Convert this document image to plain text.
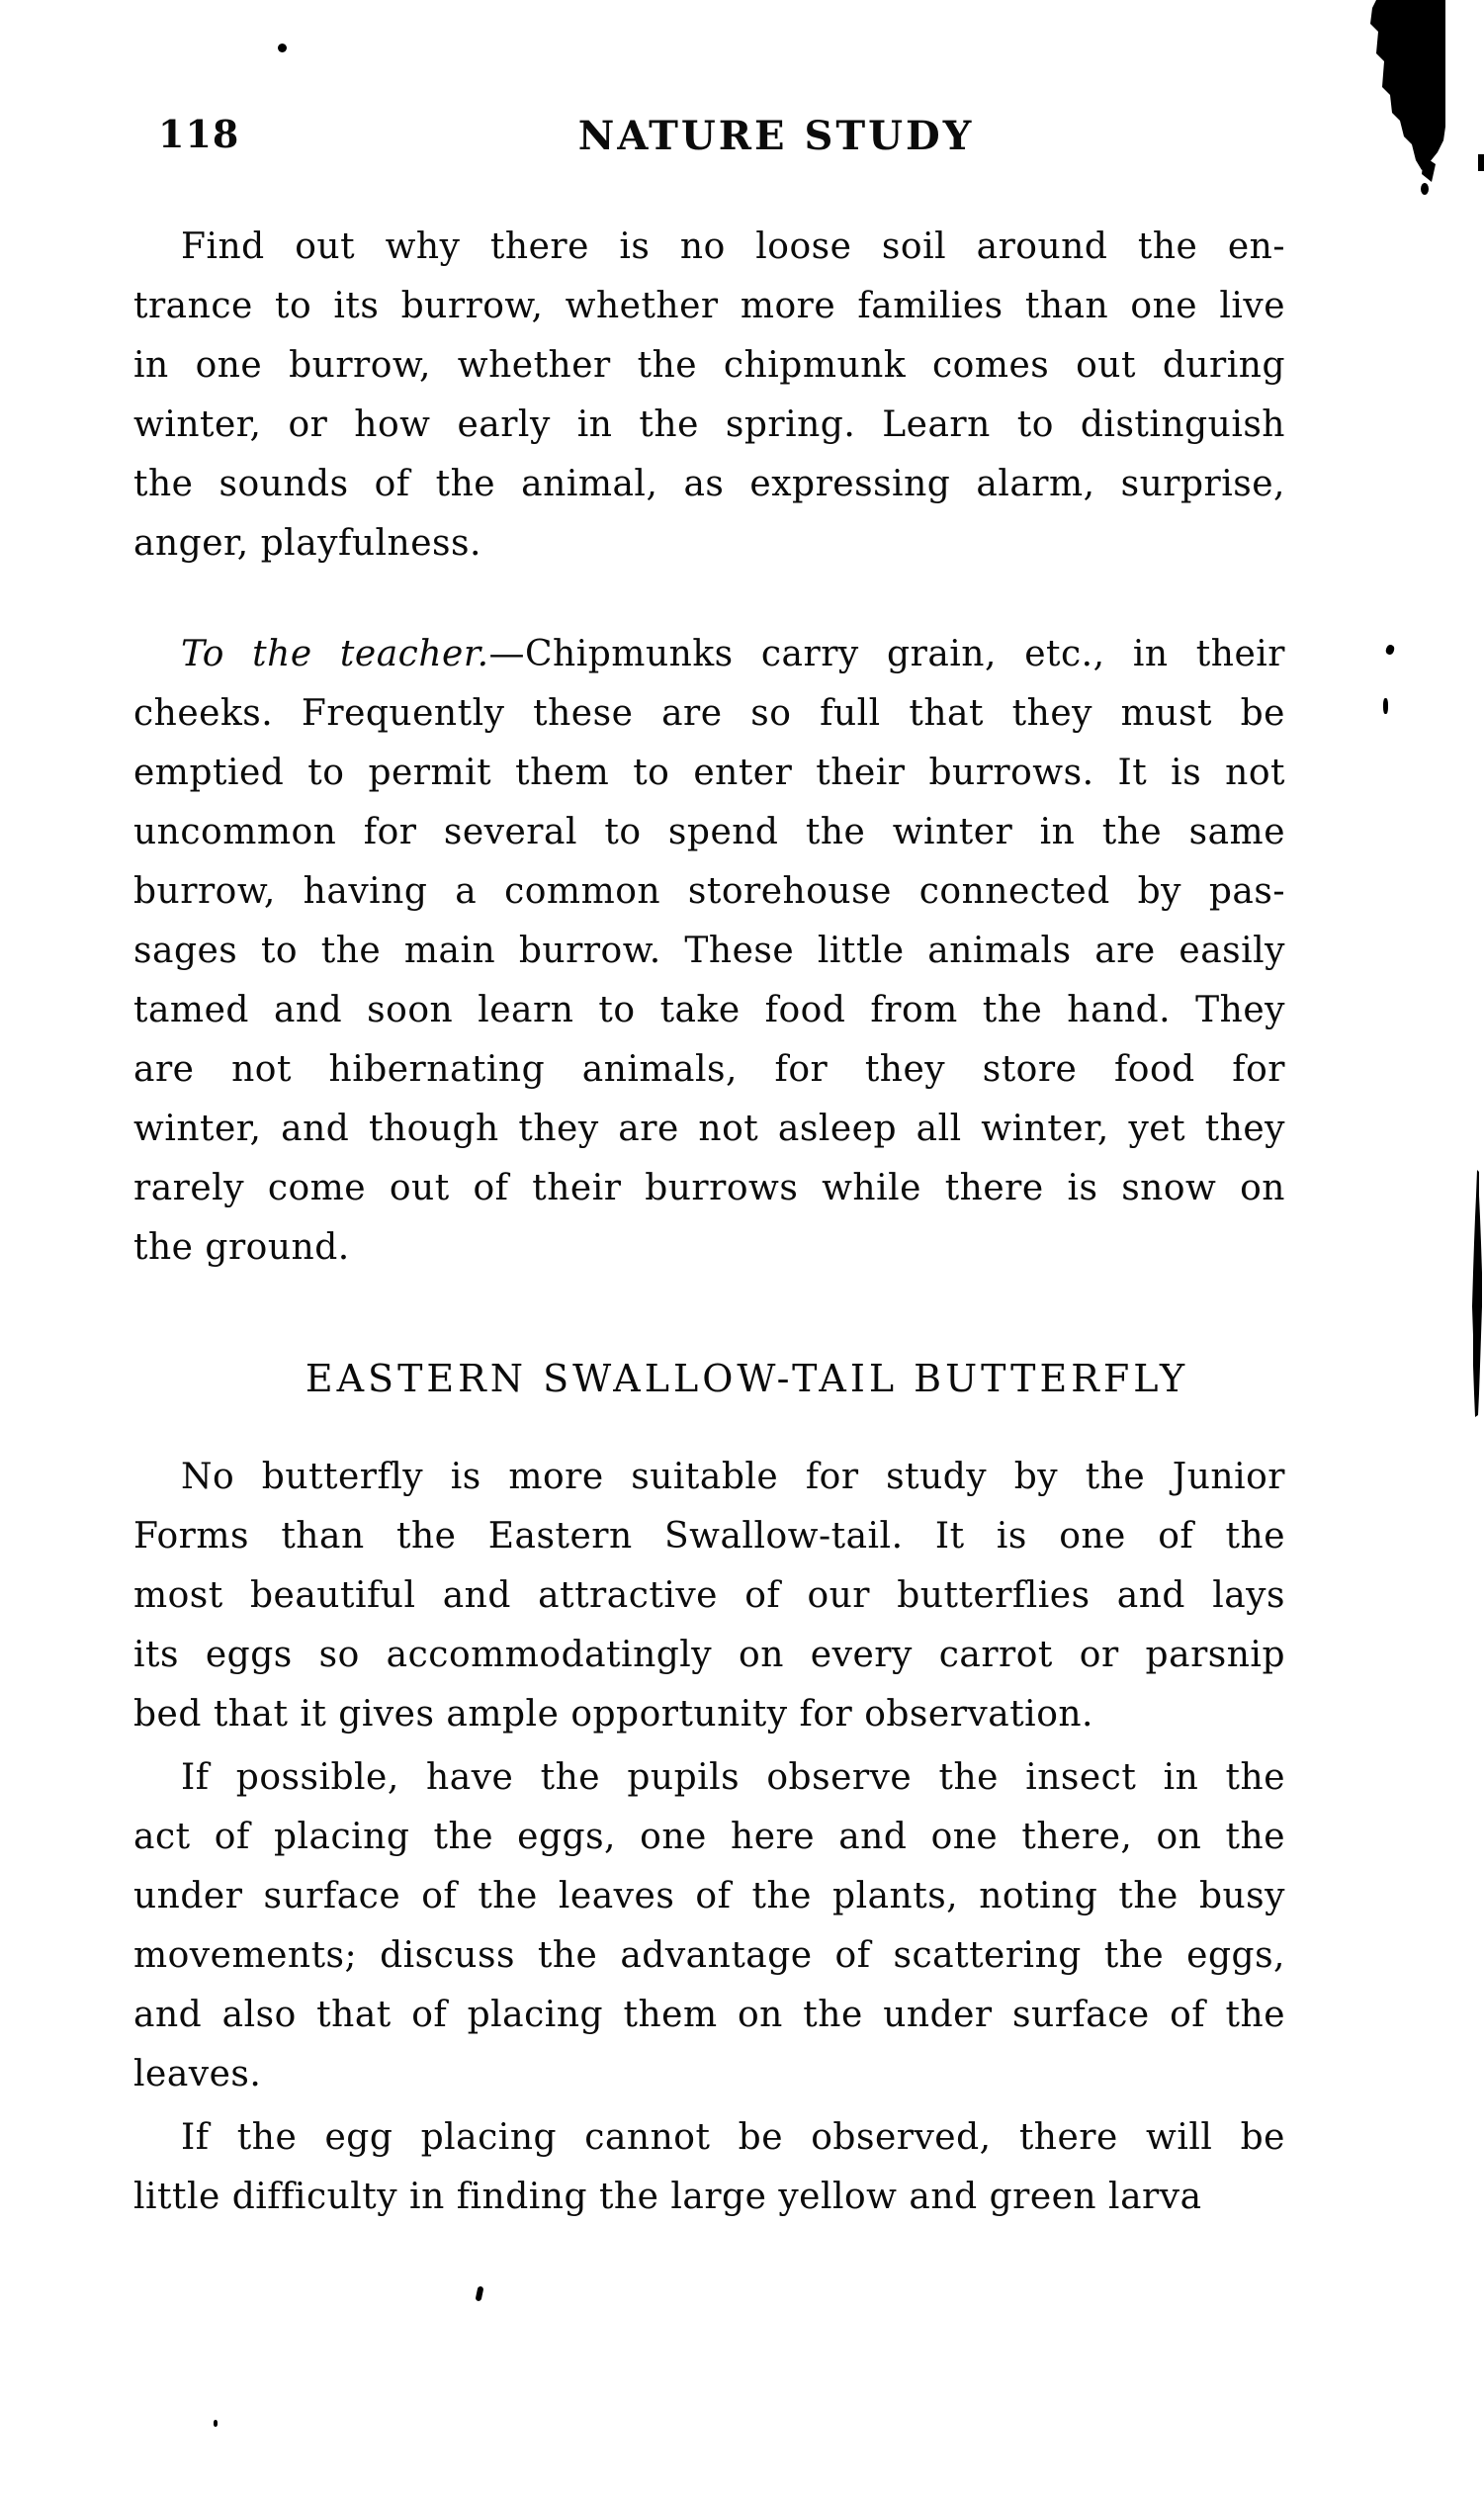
118	NATURE STUDY
Find out why there is no loose soil around the en-
trance to its burrow, whether more families than one live
in one burrow, whether the chipmunk comes out during
winter, or how early in the spring. Learn to distinguish
the sounds of the animal, as expressing alarm, surprise,
anger, playfulness.
To the teacher.—Chipmunks carry grain, etc., in their
cheeks. Frequently these are so full that they must be
emptied to permit them to enter their burrows. It is not
uncommon for several to spend the winter in the same
burrow, having a common storehouse connected by pas-
sages to the main burrow. These little animals are easily
tamed and soon learn to take food from the hand. They
are not hibernating animals, for they store food for
winter, and though they are not asleep all winter, yet they
rarely come out of their burrows while there is snow on
the ground.
EASTERN SWALLOW-TAIL BUTTERFLY
No butterfly is more suitable for study by the Junior
Forms than the Eastern Swallow-tail. It is one of the
most beautiful and attractive of our butterflies and lays
its eggs so accommodatingly on every carrot or parsnip
bed that it gives ample opportunity for observation.
If possible, have the pupils observe the insect in the
act of placing the eggs, one here and one there, on the
under surface of the leaves of the plants, noting the busy
movements; discuss the advantage of scattering the eggs,
and also that of placing them on the under surface of the
leaves.
If the egg placing cannot be observed, there will be
little difficulty in finding the large yellow and green larva
